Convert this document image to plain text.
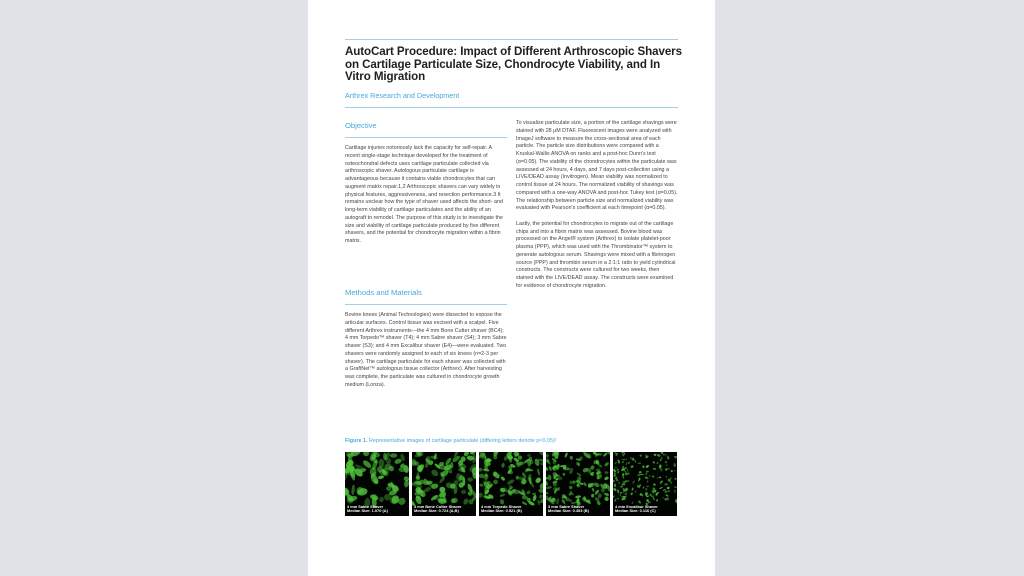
AutoCart Procedure: Impact of Different Arthroscopic Shavers on Cartilage Particulate Size, Chondrocyte Viability, and In Vitro Migration
Arthrex Research and Development
Objective

Cartilage injuries notoriously lack the capacity for self-repair. A recent single-stage technique developed for the treatment of osteochondral defects uses cartilage particulate collected via arthroscopic shaver. Autologous particulate cartilage is advantageous because it contains viable chondrocytes that can augment matrix repair.1,2 Arthroscopic shavers can vary widely in physical features, aggressiveness, and resection performance.3 It remains unclear how the type of shaver used affects the short- and long-term viability of cartilage particulates and the ability of an autograft to remodel. The purpose of this study is to investigate the size and viability of cartilage particulate produced by five different shavers, and the potential for chondrocyte migration within a fibrin matrix.

Methods and Materials

Bovine knees (Animal Technologies) were dissected to expose the articular surfaces. Control tissue was excised with a scalpel. Five different Arthrex instruments—the 4 mm Bone Cutter shaver (BC4); 4 mm Torpedo™ shaver (T4); 4 mm Sabre shaver (S4); 3 mm Sabre shaver (S3); and 4 mm Excalibur shaver (E4)—were evaluated. Two shavers were randomly assigned to each of six knees (n=2-3 per shaver). The cartilage particulate for each shaver was collected with a GraftNet™ autologous tissue collector (Arthrex). After harvesting was complete, the particulate was cultured in chondrocyte growth medium (Lonza).

To visualize particulate size, a portion of the cartilage shavings were stained with 28 μM DTAF. Fluorescent images were analyzed with ImageJ software to measure the cross-sectional area of each particle. The particle size distributions were compared with a Kruskal-Wallis ANOVA on ranks and a post-hoc Dunn's test (α=0.05). The viability of the chondrocytes within the particulate was assessed at 24 hours, 4 days, and 7 days post-collection using a LIVE/DEAD assay (Invitrogen). Mean viability was normalized to control tissue at 24 hours. The normalized viability of shavings was compared with a one-way ANOVA and post-hoc Tukey test (α=0.05). The relationship between particle size and normalized viability was evaluated with Pearson's coefficient at each timepoint (α=0.05).

Lastly, the potential for chondrocytes to migrate out of the cartilage chips and into a fibrin matrix was assessed. Bovine blood was processed on the Angel® system (Arthrex) to isolate platelet-poor plasma (PPP), which was used with the Thrombinator™ system to generate autologous serum. Shavings were mixed with a fibrinogen source (PPP) and thrombin serum in a 2:1:1 ratio to yield cylindrical constructs. The constructs were cultured for two weeks, then stained with the LIVE/DEAD assay. The constructs were examined for evidence of chondrocyte migration.

Figure 1. Representative images of cartilage particulate (differing letters denote p<0.05)²
4 mm Sabre Shaver
Median Size: 1.070 (A)
4 mm Bone Cutter Shaver
Median Size: 0.724 (A,B)
4 mm Torpedo Shaver
Median Size: 0.521 (B)
3 mm Sabre Shaver
Median Size: 0.453 (B)
4 mm Excalibur Shaver
Median Size: 0.116 (C)
